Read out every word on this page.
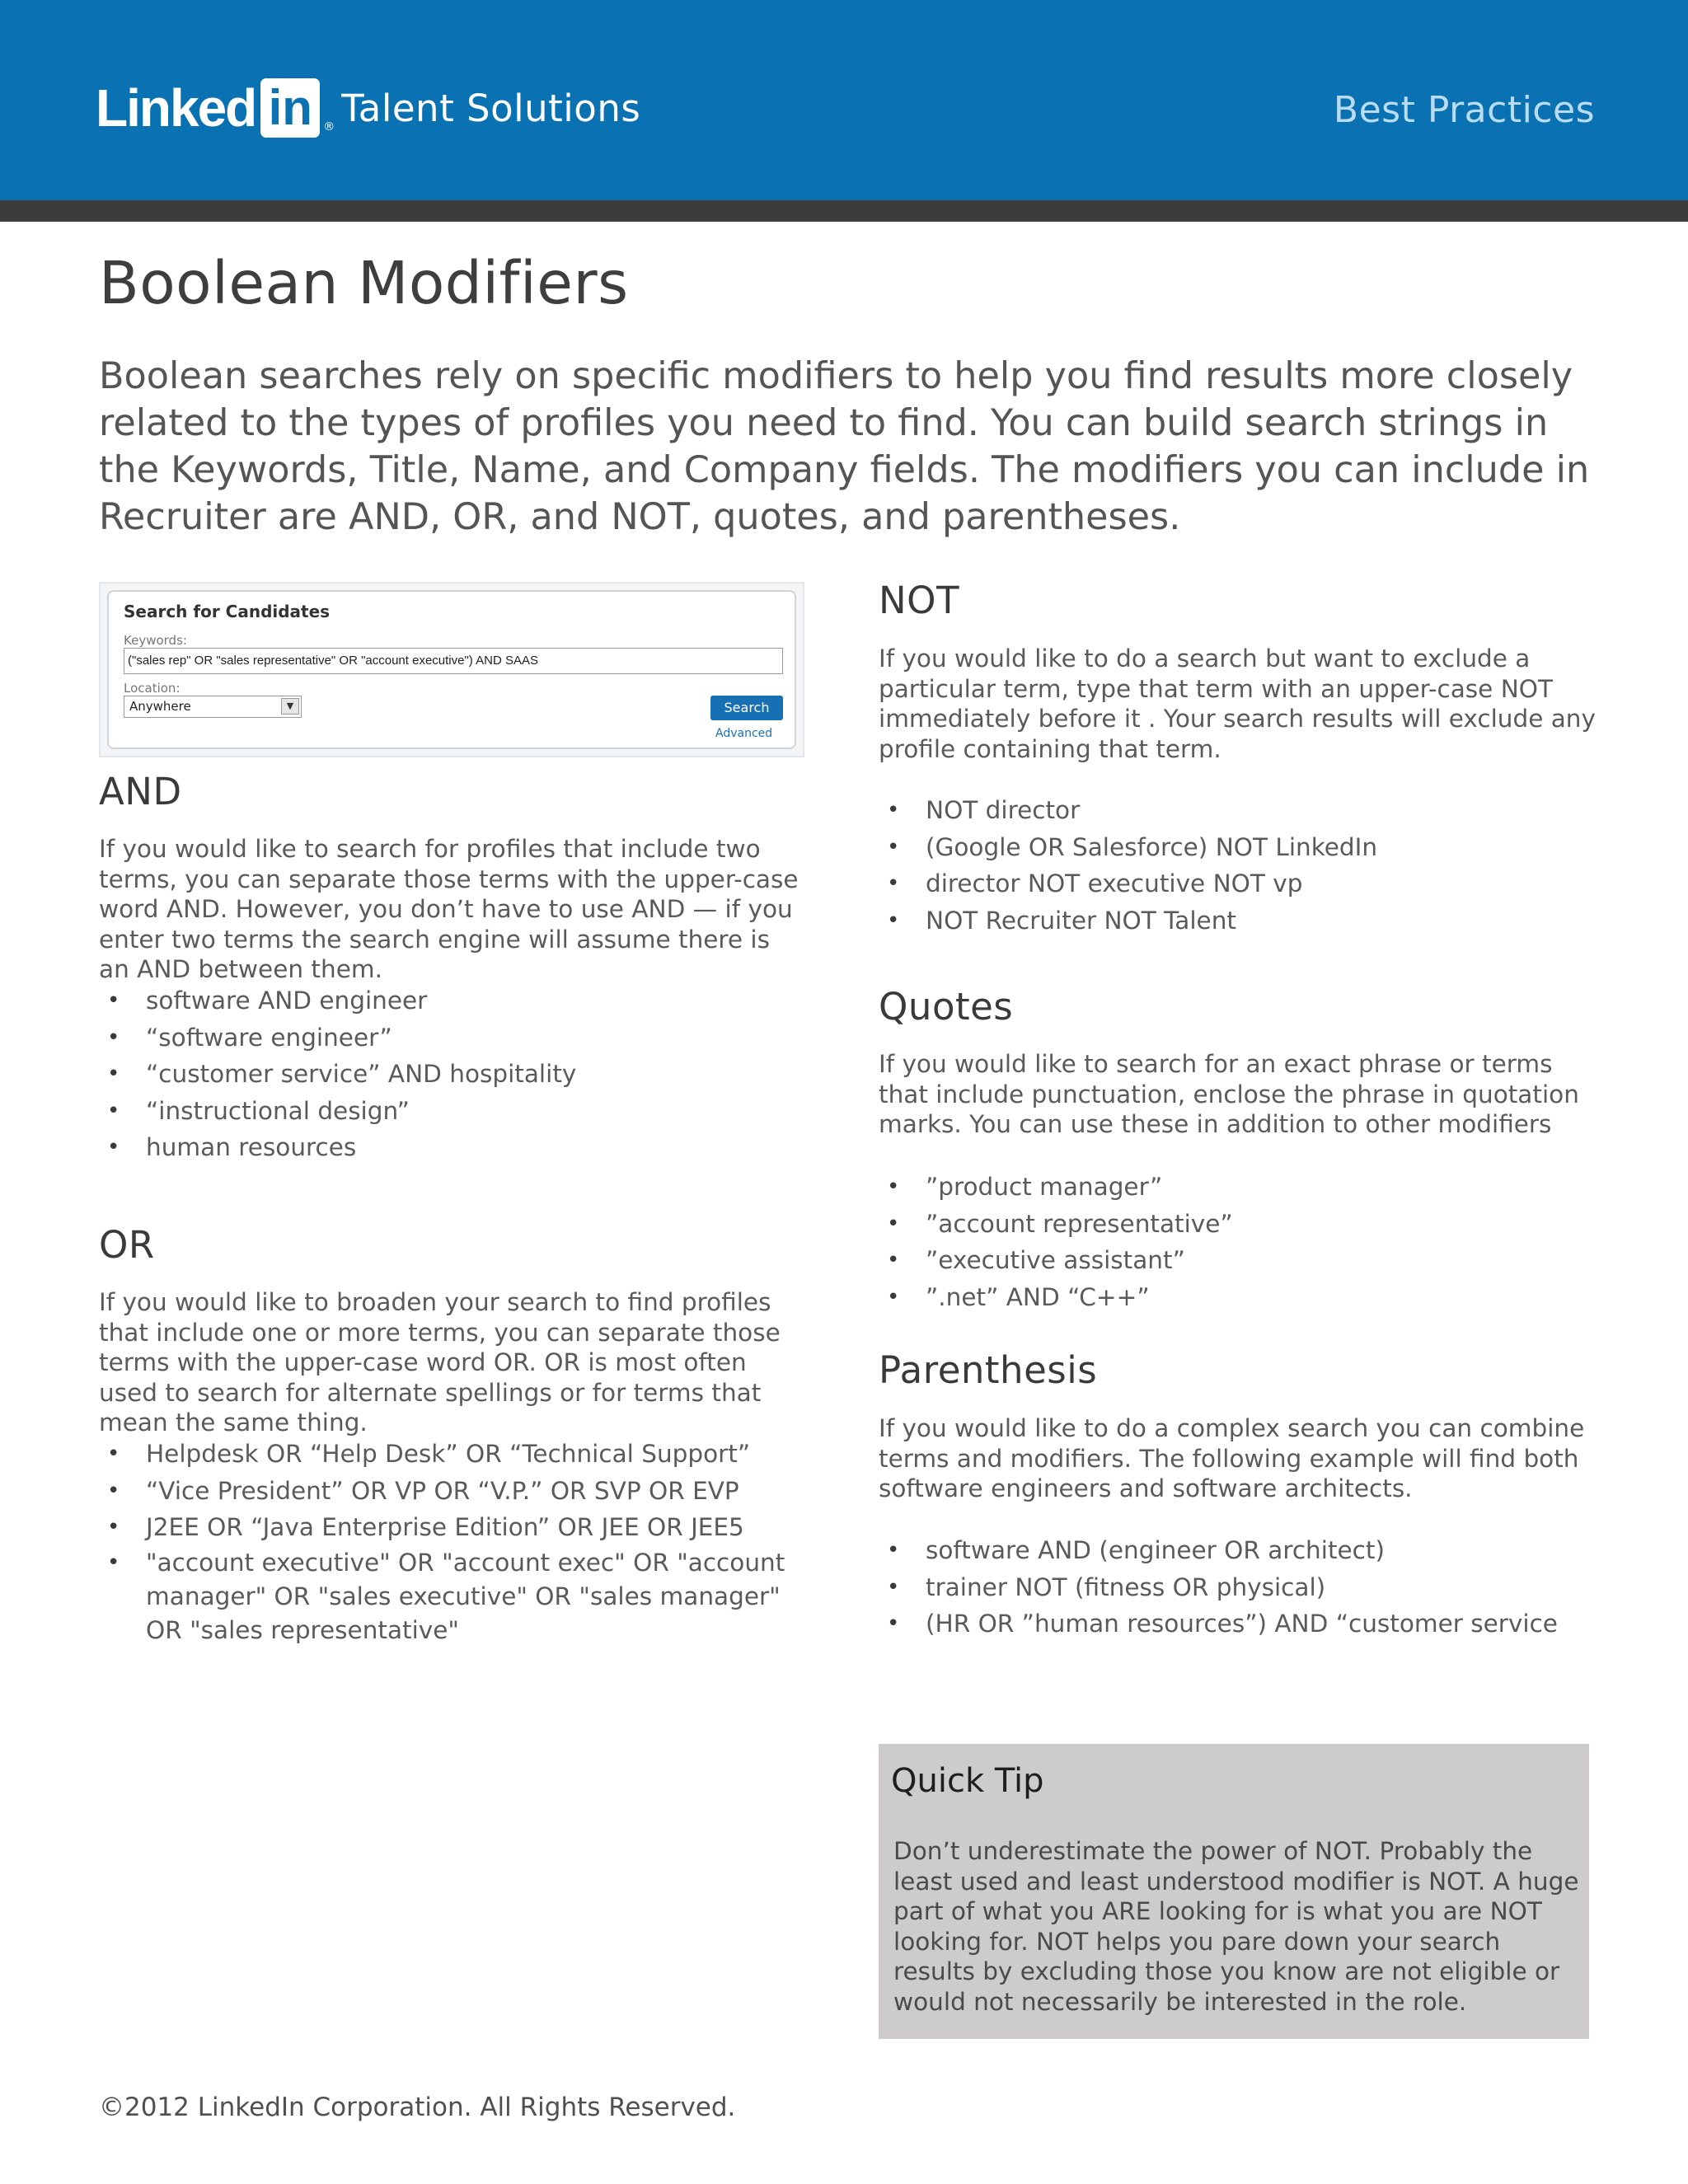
Linked in ® Talent Solutions	Best Practices
Boolean Modifiers

Boolean searches rely on specific modifiers to help you find results more closely related to the types of profiles you need to find. You can build search strings in the Keywords, Title, Name, and Company fields. The modifiers you can include in Recruiter are AND, OR, and NOT, quotes, and parentheses.

Search for Candidates
Keywords:
("sales rep" OR "sales representative" OR "account executive") AND SAAS
Location:
Anywhere	▼	Search
Advanced
AND

If you would like to search for profiles that include two terms, you can separate those terms with the upper-case word AND. However, you don’t have to use AND — if you enter two terms the search engine will assume there is an AND between them.

• software AND engineer
• “software engineer”
• “customer service” AND hospitality
• “instructional design”
• human resources
OR

If you would like to broaden your search to find profiles that include one or more terms, you can separate those terms with the upper-case word OR. OR is most often used to search for alternate spellings or for terms that mean the same thing.

• Helpdesk OR “Help Desk” OR “Technical Support”
• “Vice President” OR VP OR “V.P.” OR SVP OR EVP
• J2EE OR “Java Enterprise Edition” OR JEE OR JEE5
• "account executive" OR "account exec" OR "account manager" OR "sales executive" OR "sales manager" OR "sales representative"
NOT

If you would like to do a search but want to exclude a particular term, type that term with an upper-case NOT immediately before it . Your search results will exclude any profile containing that term.

• NOT director
• (Google OR Salesforce) NOT LinkedIn
• director NOT executive NOT vp
• NOT Recruiter NOT Talent
Quotes

If you would like to search for an exact phrase or terms that include punctuation, enclose the phrase in quotation marks. You can use these in addition to other modifiers

• ”product manager”
• ”account representative”
• ”executive assistant”
• ”.net” AND “C++”
Parenthesis

If you would like to do a complex search you can combine terms and modifiers. The following example will find both software engineers and software architects.

• software AND (engineer OR architect)
• trainer NOT (fitness OR physical)
• (HR OR ”human resources”) AND “customer service
Quick Tip

Don’t underestimate the power of NOT. Probably the least used and least understood modifier is NOT. A huge part of what you ARE looking for is what you are NOT looking for. NOT helps you pare down your search results by excluding those you know are not eligible or would not necessarily be interested in the role.

©2012 LinkedIn Corporation. All Rights Reserved.
